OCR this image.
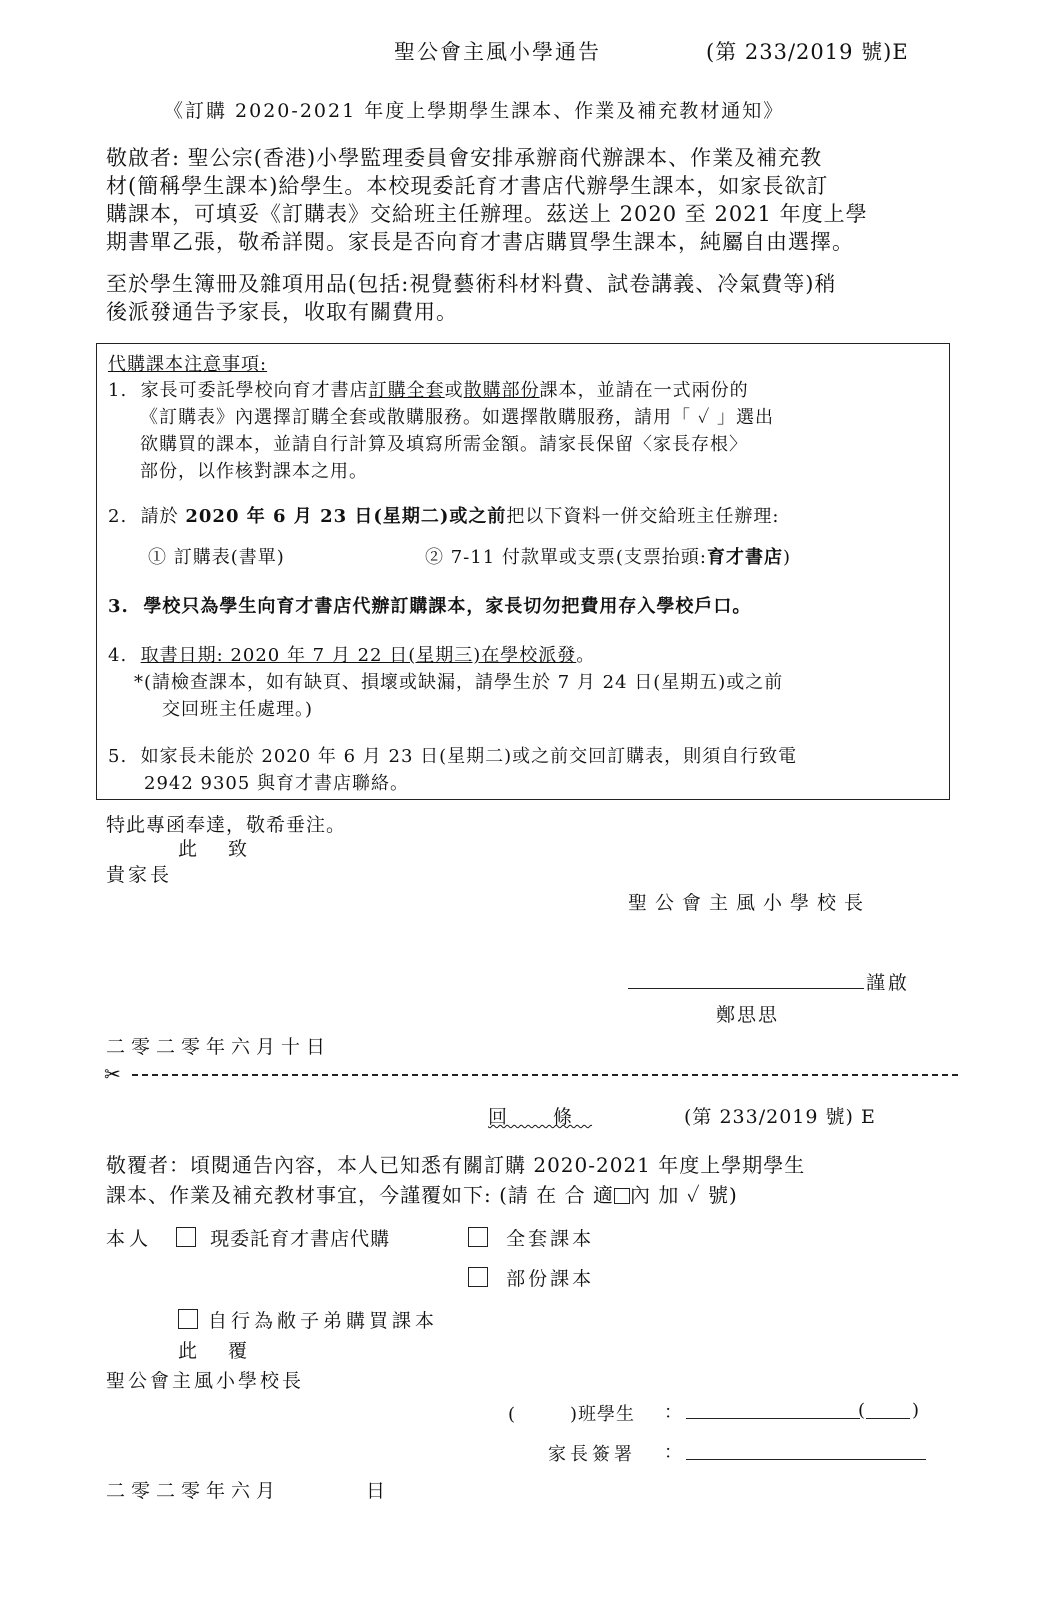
聖公會主風小學通告	(第 233/2019 號)E
《訂購 2020-2021 年度上學期學生課本、作業及補充教材通知》
敬啟者: 聖公宗(香港)小學監理委員會安排承辦商代辦課本、作業及補充教
材(簡稱學生課本)給學生。本校現委託育才書店代辦學生課本，如家長欲訂
購課本，可填妥《訂購表》交給班主任辦理。茲送上 2020 至 2021 年度上學
期書單乙張，敬希詳閱。家長是否向育才書店購買學生課本，純屬自由選擇。
至於學生簿冊及雜項用品(包括:視覺藝術科材料費、試卷講義、冷氣費等)稍
後派發通告予家長，收取有關費用。
代購課本注意事項:
1. 家長可委託學校向育才書店訂購全套或散購部份課本，並請在一式兩份的
《訂購表》內選擇訂購全套或散購服務。如選擇散購服務，請用「 ✓ 」選出
欲購買的課本，並請自行計算及填寫所需金額。請家長保留〈家長存根〉
部份，以作核對課本之用。
2. 請於 2020 年 6 月 23 日(星期二)或之前把以下資料一併交給班主任辦理:
① 訂購表(書單)	② 7-11 付款單或支票(支票抬頭:育才書店)
3. 學校只為學生向育才書店代辦訂購課本，家長切勿把費用存入學校戶口。
4. 取書日期: 2020 年 7 月 22 日(星期三)在學校派發。
*(請檢查課本，如有缺頁、損壞或缺漏，請學生於 7 月 24 日(星期五)或之前
交回班主任處理。)
5. 如家長未能於 2020 年 6 月 23 日(星期二)或之前交回訂購表，則須自行致電
2942 9305 與育才書店聯絡。
特此專函奉達，敬希垂注。
此 致
貴家長
聖公會主風小學校長
謹啟
鄭思思
二零二零年六月十日
✂
回 條	(第 233/2019 號) E
敬覆者：頃閱通告內容，本人已知悉有關訂購 2020-2021 年度上學期學生
課本、作業及補充教材事宜，今謹覆如下: (請 在 合 適 內 加 ✓ 號)
本人	現委託育才書店代購	全套課本
部份課本
自行為敝子弟購買課本
此 覆
聖公會主風小學校長
(	)班學生 ：	(	)
家長簽署 ：
二零二零年六月	日
